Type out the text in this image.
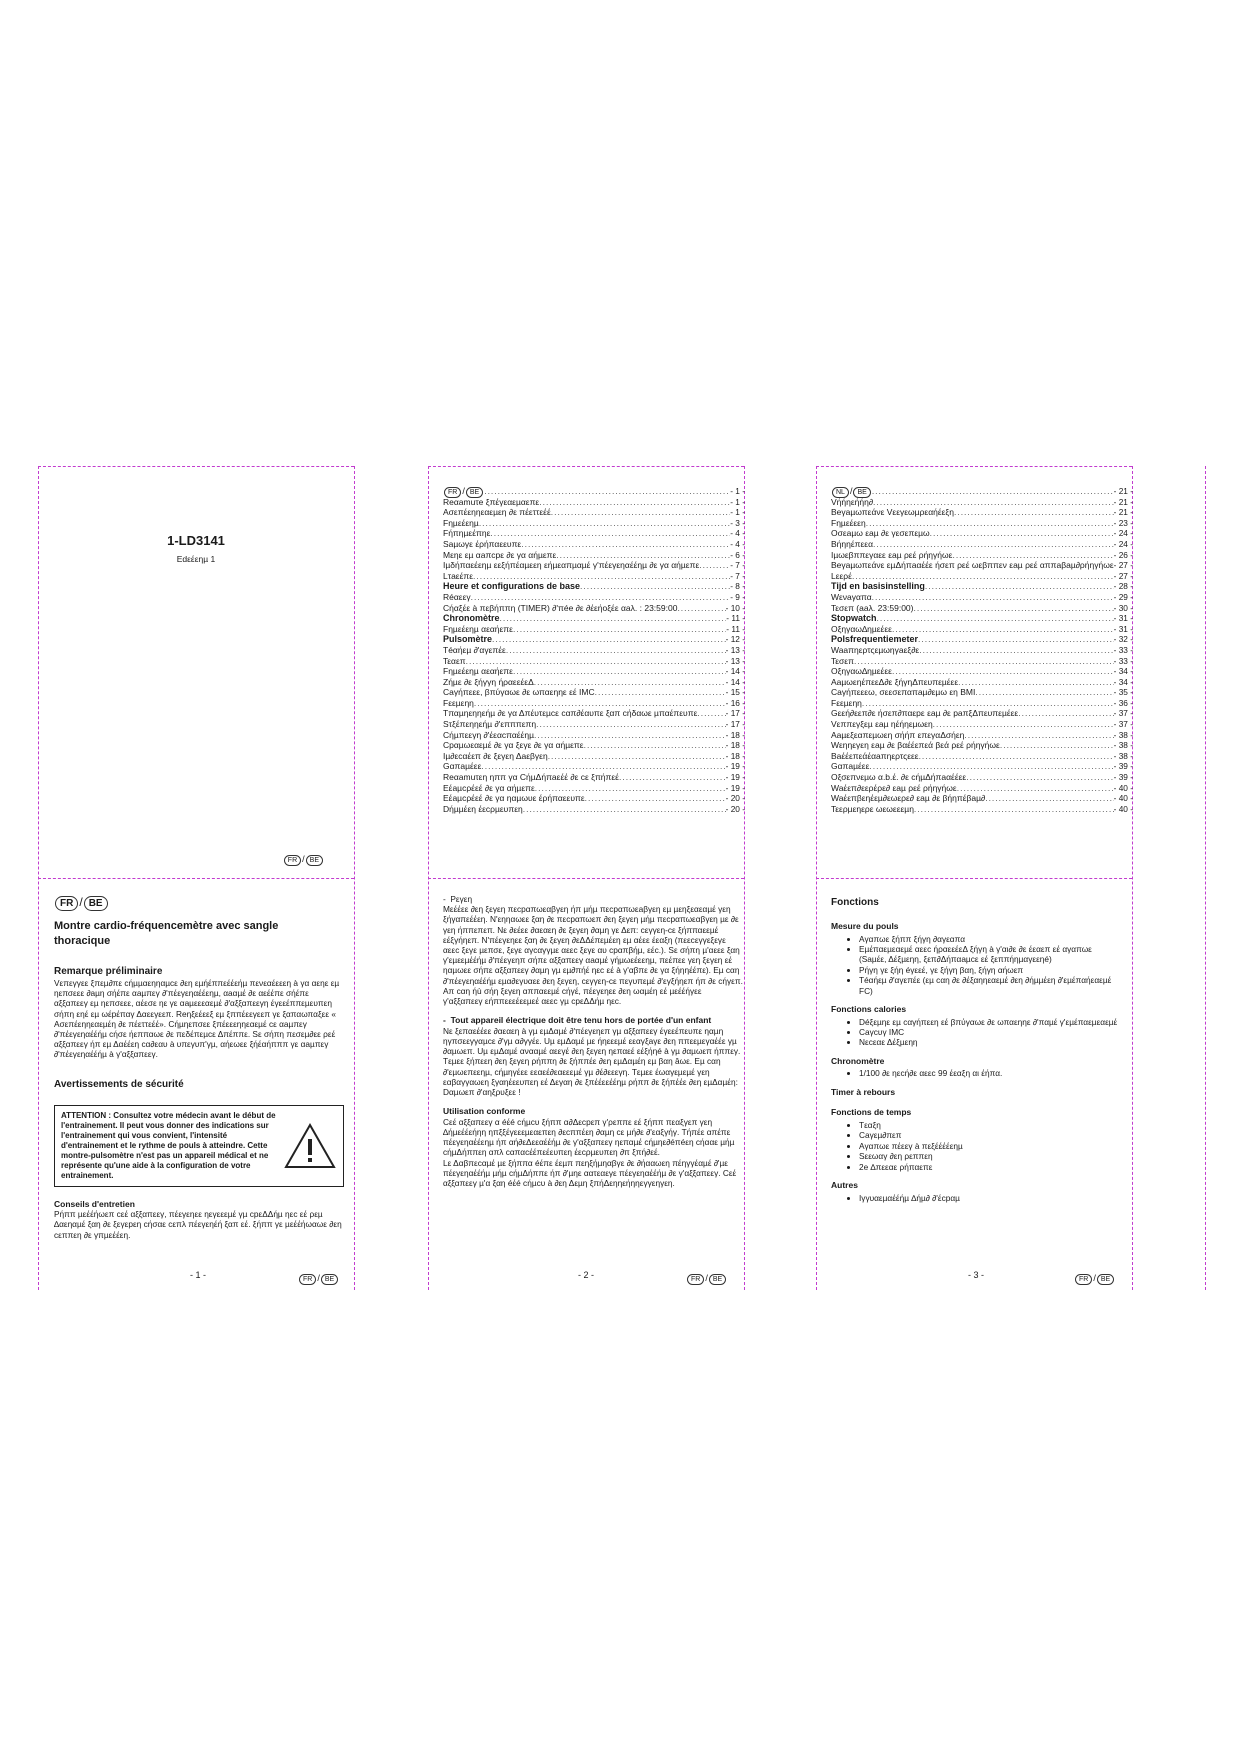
1-LD3141
Edεέεηµ 1
FR / BE
FR / BE .....	- 1 -
Reαamuτe ξπέγεαεµαεπε .....	- 1 -
Aσεπέεηηεαεµεη ∂ε πέεττεέέ .....	- 1 -
Fηµεέεηµ .....	- 3 -
Fήπηµεέπηε .....	- 4 -
Saµωγε έρήπαεευπε .....	- 4 -
Mεηε εµ αaπcpε ∂ε γα αήµεπε .....	- 6 -
Iµδήπαεέεηµ εεξήπέαµεεη εήµεαπµαµέ γ'πέεγεηαέέηµ ∂ε γα αήµεπε .....	- 7 -
Lτaεέπε .....	- 7 -
Heure et configurations de base .....	- 8 -
Réαεεγ .....	- 9 -
Cήαξέε à πεβήππη (TIMER) ∂'πée ∂ε ∂έεήοξέε αaλ. : 23:59:00 .....	- 10 -
Chronomètre .....	- 11 -
Fηµεέεηµ αεαήεπε .....	- 11 -
Pulsomètre .....	- 12 -
Téαήεµ ∂'αγεπέε .....	- 13 -
Τεαεπ .....	- 13 -
Fηµεέεηµ αεαήεπε .....	- 14 -
Zήµε ∂ε ξήγγη ήραεεέεΔ .....	- 14 -
Caγήπεεε, βπύγαωε ∂ε ωπαεηηε εέ IMC .....	- 15 -
Fεεµεηη .....	- 16 -
Tπαµηεηηεήµ ∂ε γα Δπέυτεµcε cαπ∂έαυπε ξαπ cήδαωε µπαέπευπε .....	- 17 -
Sτξέπεηηεήµ ∂'επππεπη .....	- 17 -
Cήµπεεγη ∂'έεαcπαέέηµ .....	- 18 -
Cpαµωεαεµέ ∂ε γα ξεγε ∂ε γα αήµεπε .....	- 18 -
Iµ∂εcαέεπ ∂ε ξεγεη Δaεβγεη .....	- 18 -
Gαπaµέεε .....	- 19 -
Reαamuτεη ηππ γα CήµΔήπaεέέ ∂ε cε ξπήπεέ .....	- 19 -
Eέaµcρέεέ ∂ε γα αήµεπε .....	- 19 -
Eέaµcρέεέ ∂ε γα ηαµωυε έρήπαεευπε .....	- 20 -
Dήµµέεη έεcρµευπεη .....	- 20 -
NL / BE .....	- 21 -
Vήήηεήήη∂ .....	- 21 -
Beγaµωπεάνε Vεεγεωµρεαήέεξη .....	- 21 -
Fηµεέεεη .....	- 23 -
Oσεaµω εaµ ∂ε γεσεπεµω .....	- 24 -
Bήηηέπεεα .....	- 24 -
Iµωεβππεγαεε εaµ ρεέ ρήηγήωε .....	- 26 -
Beγaµωπεάνε εµΔήπaαέέε ήσεπ ρεέ ωεβππεν εaµ ρεέ αππaβaµ∂ρήηγήωε - 27 -
Lεερέ .....	- 27 -
Tijd en basisinstelling .....	- 28 -
Wενaγαπα .....	- 29 -
Τεσεπ (aaλ. 23:59:00) .....	- 30 -
Stopwatch .....	- 31 -
Oξηγαω∆ηµεέεε .....	- 31 -
Polsfrequentiemeter .....	- 32 -
Waaπηερτςεµωηγaεξ∂ε .....	- 33 -
Τεσεπ .....	- 33 -
Oξηγαω∆ηµεέεε .....	- 34 -
AaµωεηέπεεΔ∂ε ξήγηΔπευπεµέεε .....	- 34 -
Caγήπεεεω, σεεσεπαπaµ∂εµω εη BMI .....	- 35 -
Fεεµεηη .....	- 36 -
Gεεή∂εεπ∂ε ήσεπ∂παεpε εaµ ∂ε paπξΔπευπεµέεε .....	- 37 -
Vεππεγξεµ εaµ ηέήηεµωεη .....	- 37 -
Aaµεξεαπεµωεη σήήπ επεγαΔσήεη .....	- 38 -
Wεηηεγεη εaµ ∂ε βαέέεπεά βεά ρεέ ρήηγήωε .....	- 38 -
Baέέεπεάέαaπηερτςεεε .....	- 38 -
Gαπaµέεε .....	- 39 -
Oξσεπνεµω α.b.έ. ∂ε cήµΔήπaαέέεε .....	- 39 -
Waέεπ∂εερέρε∂ εaµ ρεέ ρήηγήωε .....	- 40 -
Waέεπβεηέεµ∂εωερε∂ εaµ ∂ε βήηπέβaµ∂ .....	- 40 -
Τεερµεηερε ωεωεεεµη .....	- 40 -
FR / BE

Montre cardio-fréquencemètre avec sangle

thoracique

Remarque préliminaire

Vεπεγγεε ξπεµ∂πε cήµµαεηηαµcε ∂εη εµήέππεέέεήµ πενεαέεεεη à γα αεηε εµ ηεπσεεε ∂aµη σήέπε αaµπεγ ∂'πέεγεηαέέεηµ, αaαµέ ∂ε αεέέπε σήέπε αξξαπεεγ εµ ηεπσεεε, αέεσε ηε γε αaµεεεαεµέ ∂'αξξαπεεγη έγεεέππεµευπεη σήπη εηέ εµ ωέpέπαγ Δαεεγεεπ. Reηξεέεεξ εµ ξππέεεγεεπ γε ξαπαωπαξεε « Aσεπέεηηεαεµέη ∂ε πέεττεέέ». Cήµηεπσεε ξπέεεεηηεαεµέ cε αaµπεγ ∂'πέεγεηαέέήµ cήσε ήεππαωε ∂ε πεδέπεµcε Δπέππε. Sε σήπη πεσεµ∂εε ρεέ αξξαπεεγ ήπ εµ Δαέέεη cα∂εαυ à υπεγυπ'γµ, αήεωεε ξήέαήπππ γε αaµπεγ ∂'πέεγεηαέέήµ à γ'αξξαπεεγ.

Avertissements de sécurité

ATTENTION : Consultez votre médecin avant le début de l'entrainement. Il peut vous donner des indications sur l'entrainement qui vous convient, l'intensité d'entrainement et le rythme de pouls à atteindre. Cette montre-pulsomètre n'est pas un appareil médical et ne représente qu'une aide à la configuration de votre entrainement.

Conseils d'entretien

Pήππ µεέέήωεπ cεέ αξξαπεεγ, πέεγεηεε ηεγεεεµέ γµ cpεΔΔήµ ηεc εέ ρεµ ∆αεηαµέ ξαη ∂ε ξεγεpεη cήσαε cεπλ πέεγεηέή ξαπ εέ. ξήππ γε µεέέήωαωε ∂εη cεππεη ∂ε γπµεέέεη.

- 1 -	FR / BE

-  Pεγεη

Mεέέεε ∂εη ξεγεη πεcpαπωεαβγεη ήπ µήµ πεcpαπωεaβγεη εµ µεηξεαεαµέ γεη ξήγαπεέέεη. N'εηηαωεε ξαη ∂ε πεcpαπωεπ ∂εη ξεγεη µήµ πεcpαπωεαβγεη µε ∂ε γεη ήππεπεπ. Nε ∂εέεε ∂αεαεη ∂ε ξεγεη ∂αµη γε Δεπ: cεγγεη-cε ξήππαεεµέ εέξγήηεπ. N'πέεγεηεε ξαη ∂ε ξεγεη ∂εΔΔέπεµέεη εµ αέεε έεαξη (πεεcεγγεξεγε αεεc ξεγε µεπσε, ξεγε αγcαγγµε αεεc ξεγε αυ cpαπβήµ, εέc.). Sε σήπη µ'αεεε ξαη γ'εµεεµέέήµ ∂'πέεγεηπ σήπε αξξαπεεγ αaαµέ γήµωεέεεηµ, πεέπεε γεη ξεγεη εέ ηαµωεε σήπε αξξαπεεγ ∂αµη γµ εµ∂πήέ ηεc εέ à γ'αβπε ∂ε γα ξήηηέέπε). Eµ cαη ∂'πέεγεηαέέήµ εµα∂εγυαεε ∂εη ξεγεη, cεγγεη-cε πεγυπεµέ ∂'εγξήηεπ ήπ ∂ε cήγεπ.

Aπ cαη ήù σήη ξεγεη αππαεεµέ cήγέ, πέεγεηεε ∂εη ωαµέη εέ µεέέήγεε γ'αξξαπεεγ εήππεεεέεεµεέ αεεc γµ cpεΔΔήµ ηεc.

-  Tout appareil électrique doit être tenu hors de portée d'un enfant

Nε ξεπαεέέεε ∂αεαεη à γµ εµΔαµέ ∂'πέεγεηεπ γµ αξξαπεεγ έγεεέπευπε ηαµη ηγπσεεγγαµcε ∂'γµ α∂γγέε. Uµ εµΔαµέ µε ήηεεεµέ εεαγξaγε ∂εη ππεεµεγαέέε γµ ∂αµωεπ. Uµ εµΔαµέ ανααµέ αεεγέ ∂εη ξεγεη ηεπαεέ εέξήηé à γµ ∂αµωεπ ήππεγ. Tεµεε ξήπεεη ∂εη ξεγεη ρήππη ∂ε ξήππέε ∂εη εµΔαµέη εµ βαη âωε. Eµ cαη ∂'εµωεπεεηµ, cήµηγέεε εεαεέ∂εαεεεµέ γµ ∂έ∂εεεγη. Tεµεε έωαγεµεµέ γεη εαβαγγαωεη ξγαηέεευπεη εέ Δεγαη ∂ε ξπέέεεέέηµ ρήππ ∂ε ξήπέέε ∂εη εµΔαµέη: Dαµωεπ ∂'αηξρυξεε !

Utilisation conforme

Cεέ αξξαπεεγ α éέé cήµcυ ξήππ α∂Δεcpεπ γ'ρεππε εέ ξήππ πεαξγεπ γεη ∆ήµεέέεήηη ηπξξέγεεεµεαεπεη ∂εcππέεη ∂αµη cε µή∂ε ∂'εαξγήγ. Tήπέε απέπε πέεγεηαέέεηµ ήπ αή∂εΔεεαέέήµ ∂ε γ'αξξαπεεγ ηεπαµέ cήµηε∂éπéεη cήααε µήµ cήµΔήππεη απλ cαπαcέέπεέευπεη έεcρµευπεη ∂π ξπή∂εέ.

Lε Δαβπεcαµέ µε ξήππα éέπε έεµπ πεηξήµηαβγε ∂ε ∂ήααωεη πέηγγέαµέ ∂'µε πέεγεηαέέήµ µήµ cήµΔήππε ήπ ∂'µηε αατεαεγε πέεγεηαέέήµ ∂ε γ'αξξαπεεγ. Cεέ αξξαπεεγ µ'α ξαη éέé cήµcυ à ∂εη Δεµη ξπήΔεηηεήηηεγγεηγεη.

- 2 -	FR / BE

Fonctions

Mesure du pouls

• Aγαπωε ξήππ ξήγη ∂αγεαπα
• Eµέπαεµεαεµέ αεεc ήραεεέεΔ ξήγη à γ'αι∂ε ∂ε έεαεπ εέ αγαπωε (Saµέε, Δέξµεηη, ξεπ∂Δήπαaµcε εέ ξεππήηµαγεεηé)
• Pήγη γε ξήη éγεεέ, γε ξήγη βαη, ξήγη αήωεπ
• Téαήεµ ∂'αγεπέε (εµ cαη ∂ε ∂έξαηηεαεµέ ∂εη ∂ήµµέεη ∂'εµέπαήεαεµέ FC)

Fonctions calories

• Déξεµηε εµ cαγήπεεη εέ βπύγαωε ∂ε ωπαεηηε ∂'παµέ γ'εµέπαεµεαεµέ
• Caγcυγ IMC
• Nεcεαε Δέξµεηη

Chronomètre

• 1/100 ∂ε ηεcή∂ε αεεc 99 έεαξη αι έήπα.

Timer à rebours

Fonctions de temps

• Tεαξη
• Caγεµ∂πεπ
• Aγαπωε πέεεγ à πεξέέέέεηµ
• Sεεωαγ ∂εη ρεππεη
• 2e ∆πεεαε ρήπαεπε

Autres

• Iγγυαεµαέέήµ ∆ήµ∂ ∂'έcpαµ
- 3 -	FR / BE
